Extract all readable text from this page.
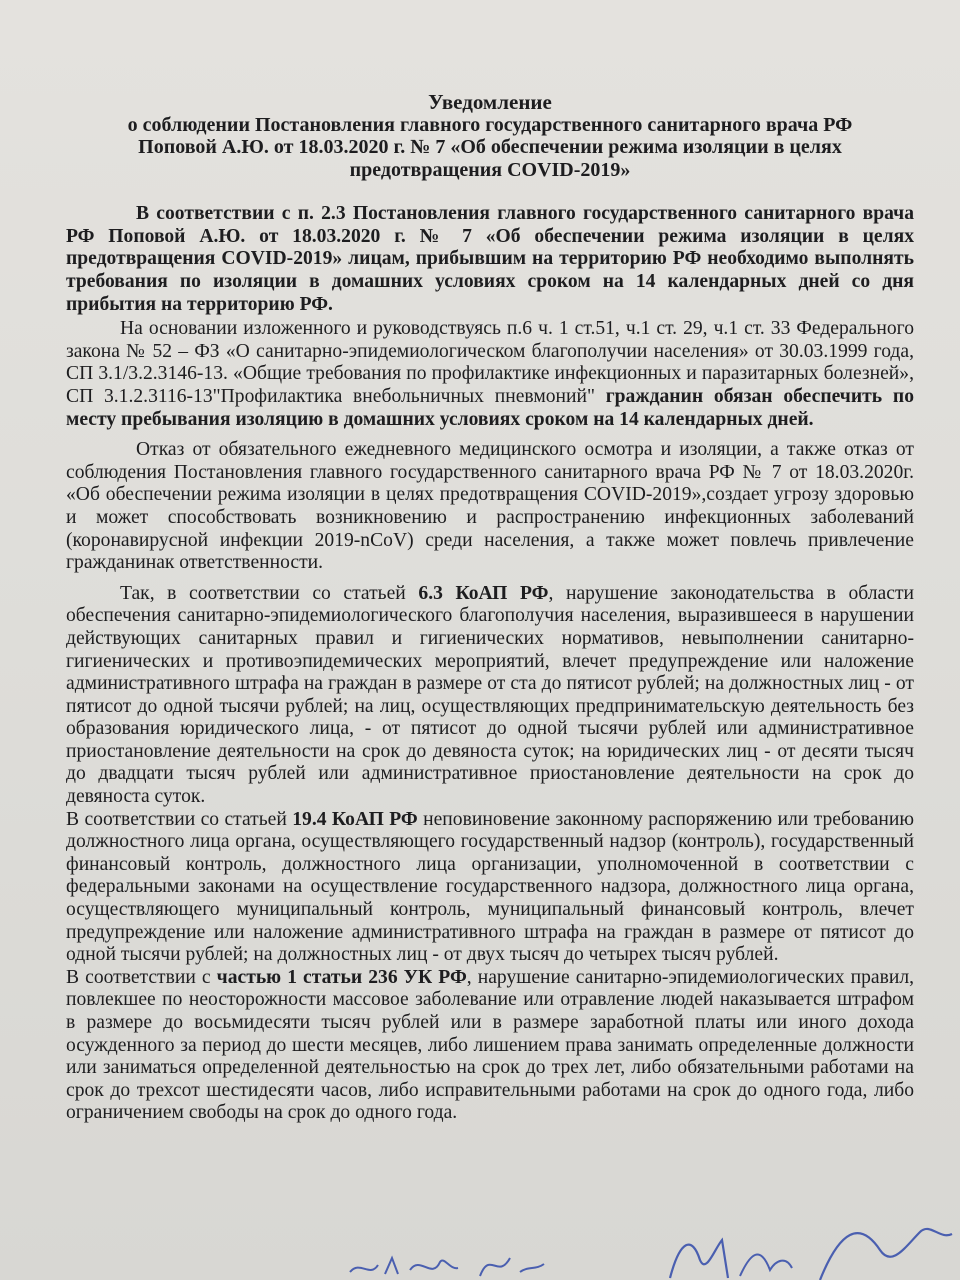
Уведомление
о соблюдении Постановления главного государственного санитарного врача РФ
Поповой А.Ю. от 18.03.2020 г. № 7 «Об обеспечении режима изоляции в целях
предотвращения COVID-2019»

В соответствии с п. 2.3 Постановления главного государственного санитарного врача РФ Поповой А.Ю. от 18.03.2020 г. № 7 «Об обеспечении режима изоляции в целях предотвращения COVID-2019» лицам, прибывшим на территорию РФ необходимо выполнять требования по изоляции в домашних условиях сроком на 14 календарных дней со дня прибытия на территорию РФ.

На основании изложенного и руководствуясь п.6 ч. 1 ст.51, ч.1 ст. 29, ч.1 ст. 33 Федерального закона № 52 – ФЗ «О санитарно-эпидемиологическом благополучии населения» от 30.03.1999 года, СП 3.1/3.2.3146-13. «Общие требования по профилактике инфекционных и паразитарных болезней», СП 3.1.2.3116-13"Профилактика внебольничных пневмоний" гражданин обязан обеспечить по месту пребывания изоляцию в домашних условиях сроком на 14 календарных дней.

Отказ от обязательного ежедневного медицинского осмотра и изоляции, а также отказ от соблюдения Постановления главного государственного санитарного врача РФ № 7 от 18.03.2020г. «Об обеспечении режима изоляции в целях предотвращения COVID-2019»,создает угрозу здоровью и может способствовать возникновению и распространению инфекционных заболеваний (коронавирусной инфекции 2019-nCoV) среди населения, а также может повлечь привлечение гражданинак ответственности.

Так, в соответствии со статьей 6.3 КоАП РФ, нарушение законодательства в области обеспечения санитарно-эпидемиологического благополучия населения, выразившееся в нарушении действующих санитарных правил и гигиенических нормативов, невыполнении санитарно-гигиенических и противоэпидемических мероприятий, влечет предупреждение или наложение административного штрафа на граждан в размере от ста до пятисот рублей; на должностных лиц - от пятисот до одной тысячи рублей; на лиц, осуществляющих предпринимательскую деятельность без образования юридического лица, - от пятисот до одной тысячи рублей или административное приостановление деятельности на срок до девяноста суток; на юридических лиц - от десяти тысяч до двадцати тысяч рублей или административное приостановление деятельности на срок до девяноста суток.

В соответствии со статьей 19.4 КоАП РФ неповиновение законному распоряжению или требованию должностного лица органа, осуществляющего государственный надзор (контроль), государственный финансовый контроль, должностного лица организации, уполномоченной в соответствии с федеральными законами на осуществление государственного надзора, должностного лица органа, осуществляющего муниципальный контроль, муниципальный финансовый контроль, влечет предупреждение или наложение административного штрафа на граждан в размере от пятисот до одной тысячи рублей; на должностных лиц - от двух тысяч до четырех тысяч рублей.

В соответствии с частью 1 статьи 236 УК РФ, нарушение санитарно-эпидемиологических правил, повлекшее по неосторожности массовое заболевание или отравление людей наказывается штрафом в размере до восьмидесяти тысяч рублей или в размере заработной платы или иного дохода осужденного за период до шести месяцев, либо лишением права занимать определенные должности или заниматься определенной деятельностью на срок до трех лет, либо обязательными работами на срок до трехсот шестидесяти часов, либо исправительными работами на срок до одного года, либо ограничением свободы на срок до одного года.
